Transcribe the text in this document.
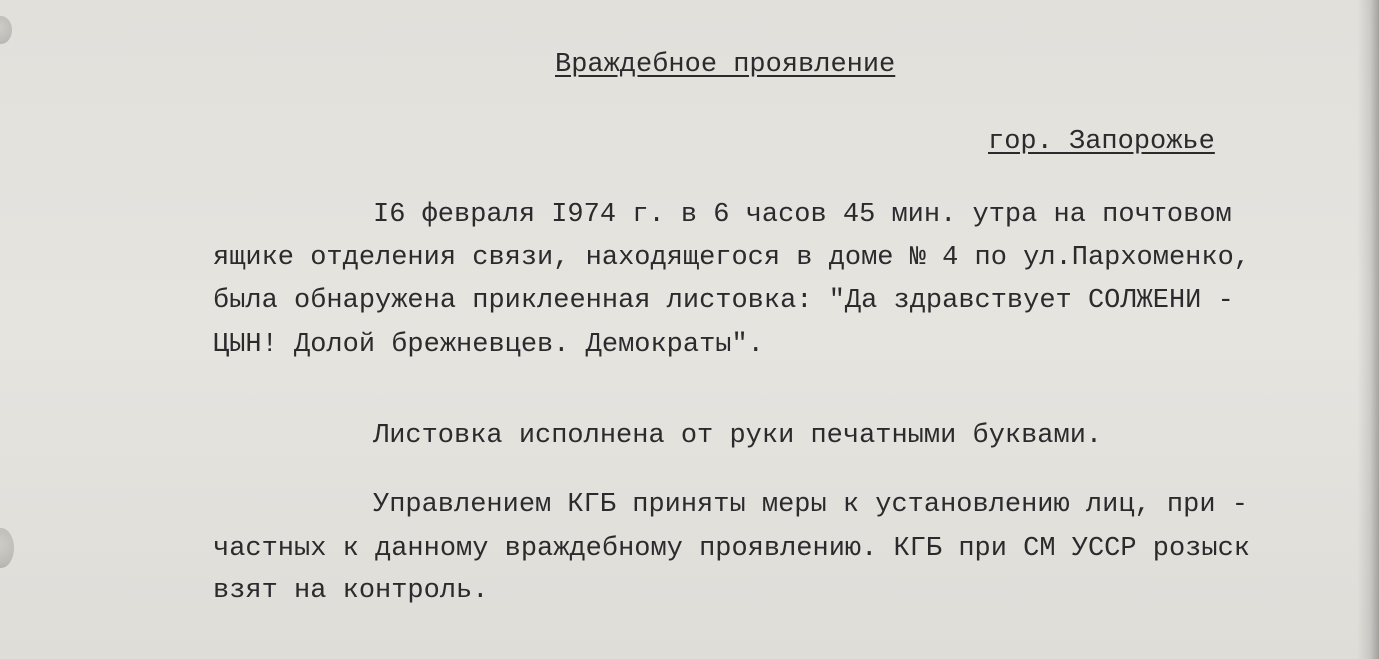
Враждебное проявление
гор. Запорожье
I6 февраля I974 г. в 6 часов 45 мин. утра на почтовом
ящике отделения связи, находящегося в доме № 4 по ул.Пархоменко,
была обнаружена приклеенная листовка: "Да здравствует СОЛЖЕНИ -
ЦЫН! Долой брежневцев. Демократы".
Листовка исполнена от руки печатными буквами.
Управлением КГБ приняты меры к установлению лиц, при -
частных к данному враждебному проявлению. КГБ при СМ УССР розыск
взят на контроль.
